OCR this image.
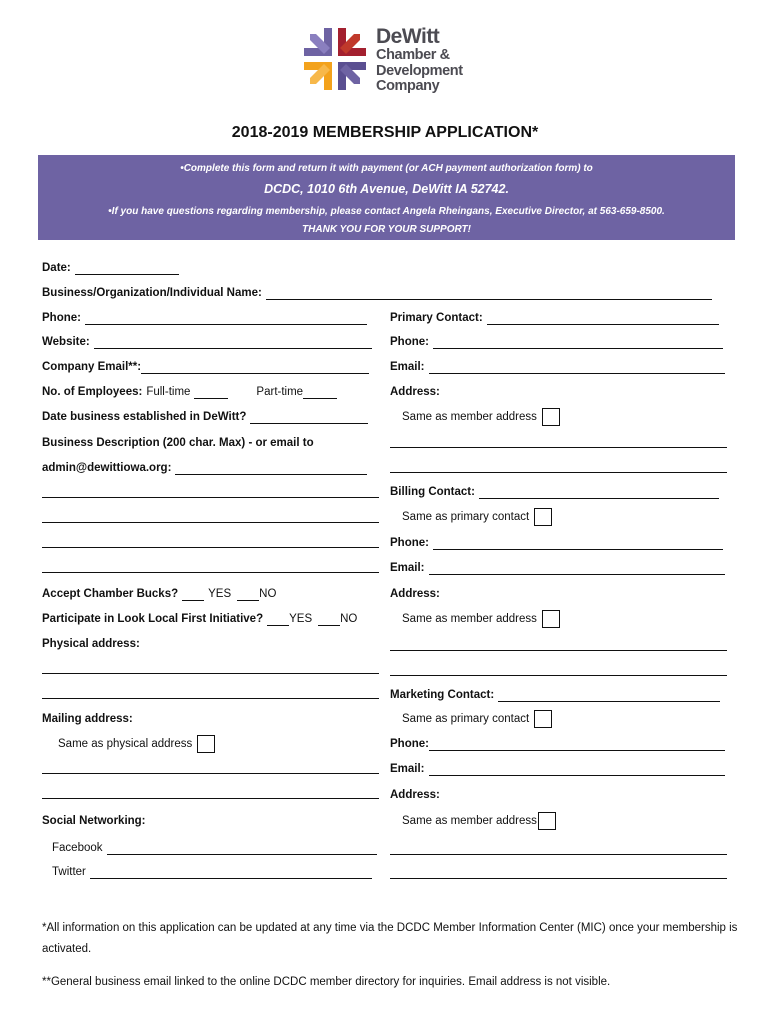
DeWitt
Chamber &
Development
Company
2018-2019 MEMBERSHIP APPLICATION*
•Complete this form and return it with payment (or ACH payment authorization form) to
DCDC, 1010 6th Avenue, DeWitt IA 52742.
•If you have questions regarding membership, please contact Angela Rheingans, Executive Director, at 563-659-8500.
THANK YOU FOR YOUR SUPPORT!
Date:
Business/Organization/Individual Name:
Phone:
Website:
Company Email**:
No. of Employees: Full-time	Part-time
Date business established in DeWitt?
Business Description (200 char. Max) - or email to
admin@dewittiowa.org:
Accept Chamber Bucks?	YES NO
Participate in Look Local First Initiative? YES NO
Physical address:
Mailing address:
Same as physical address
Social Networking:
Facebook
Twitter
Primary Contact:
Phone:
Email:
Address:
Same as member address
Billing Contact:
Same as primary contact
Phone:
Email:
Address:
Same as member address
Marketing Contact:
Same as primary contact
Phone:
Email:
Address:
Same as member address
*All information on this application can be updated at any time via the DCDC Member Information Center (MIC) once your membership is activated.
**General business email linked to the online DCDC member directory for inquiries. Email address is not visible.
